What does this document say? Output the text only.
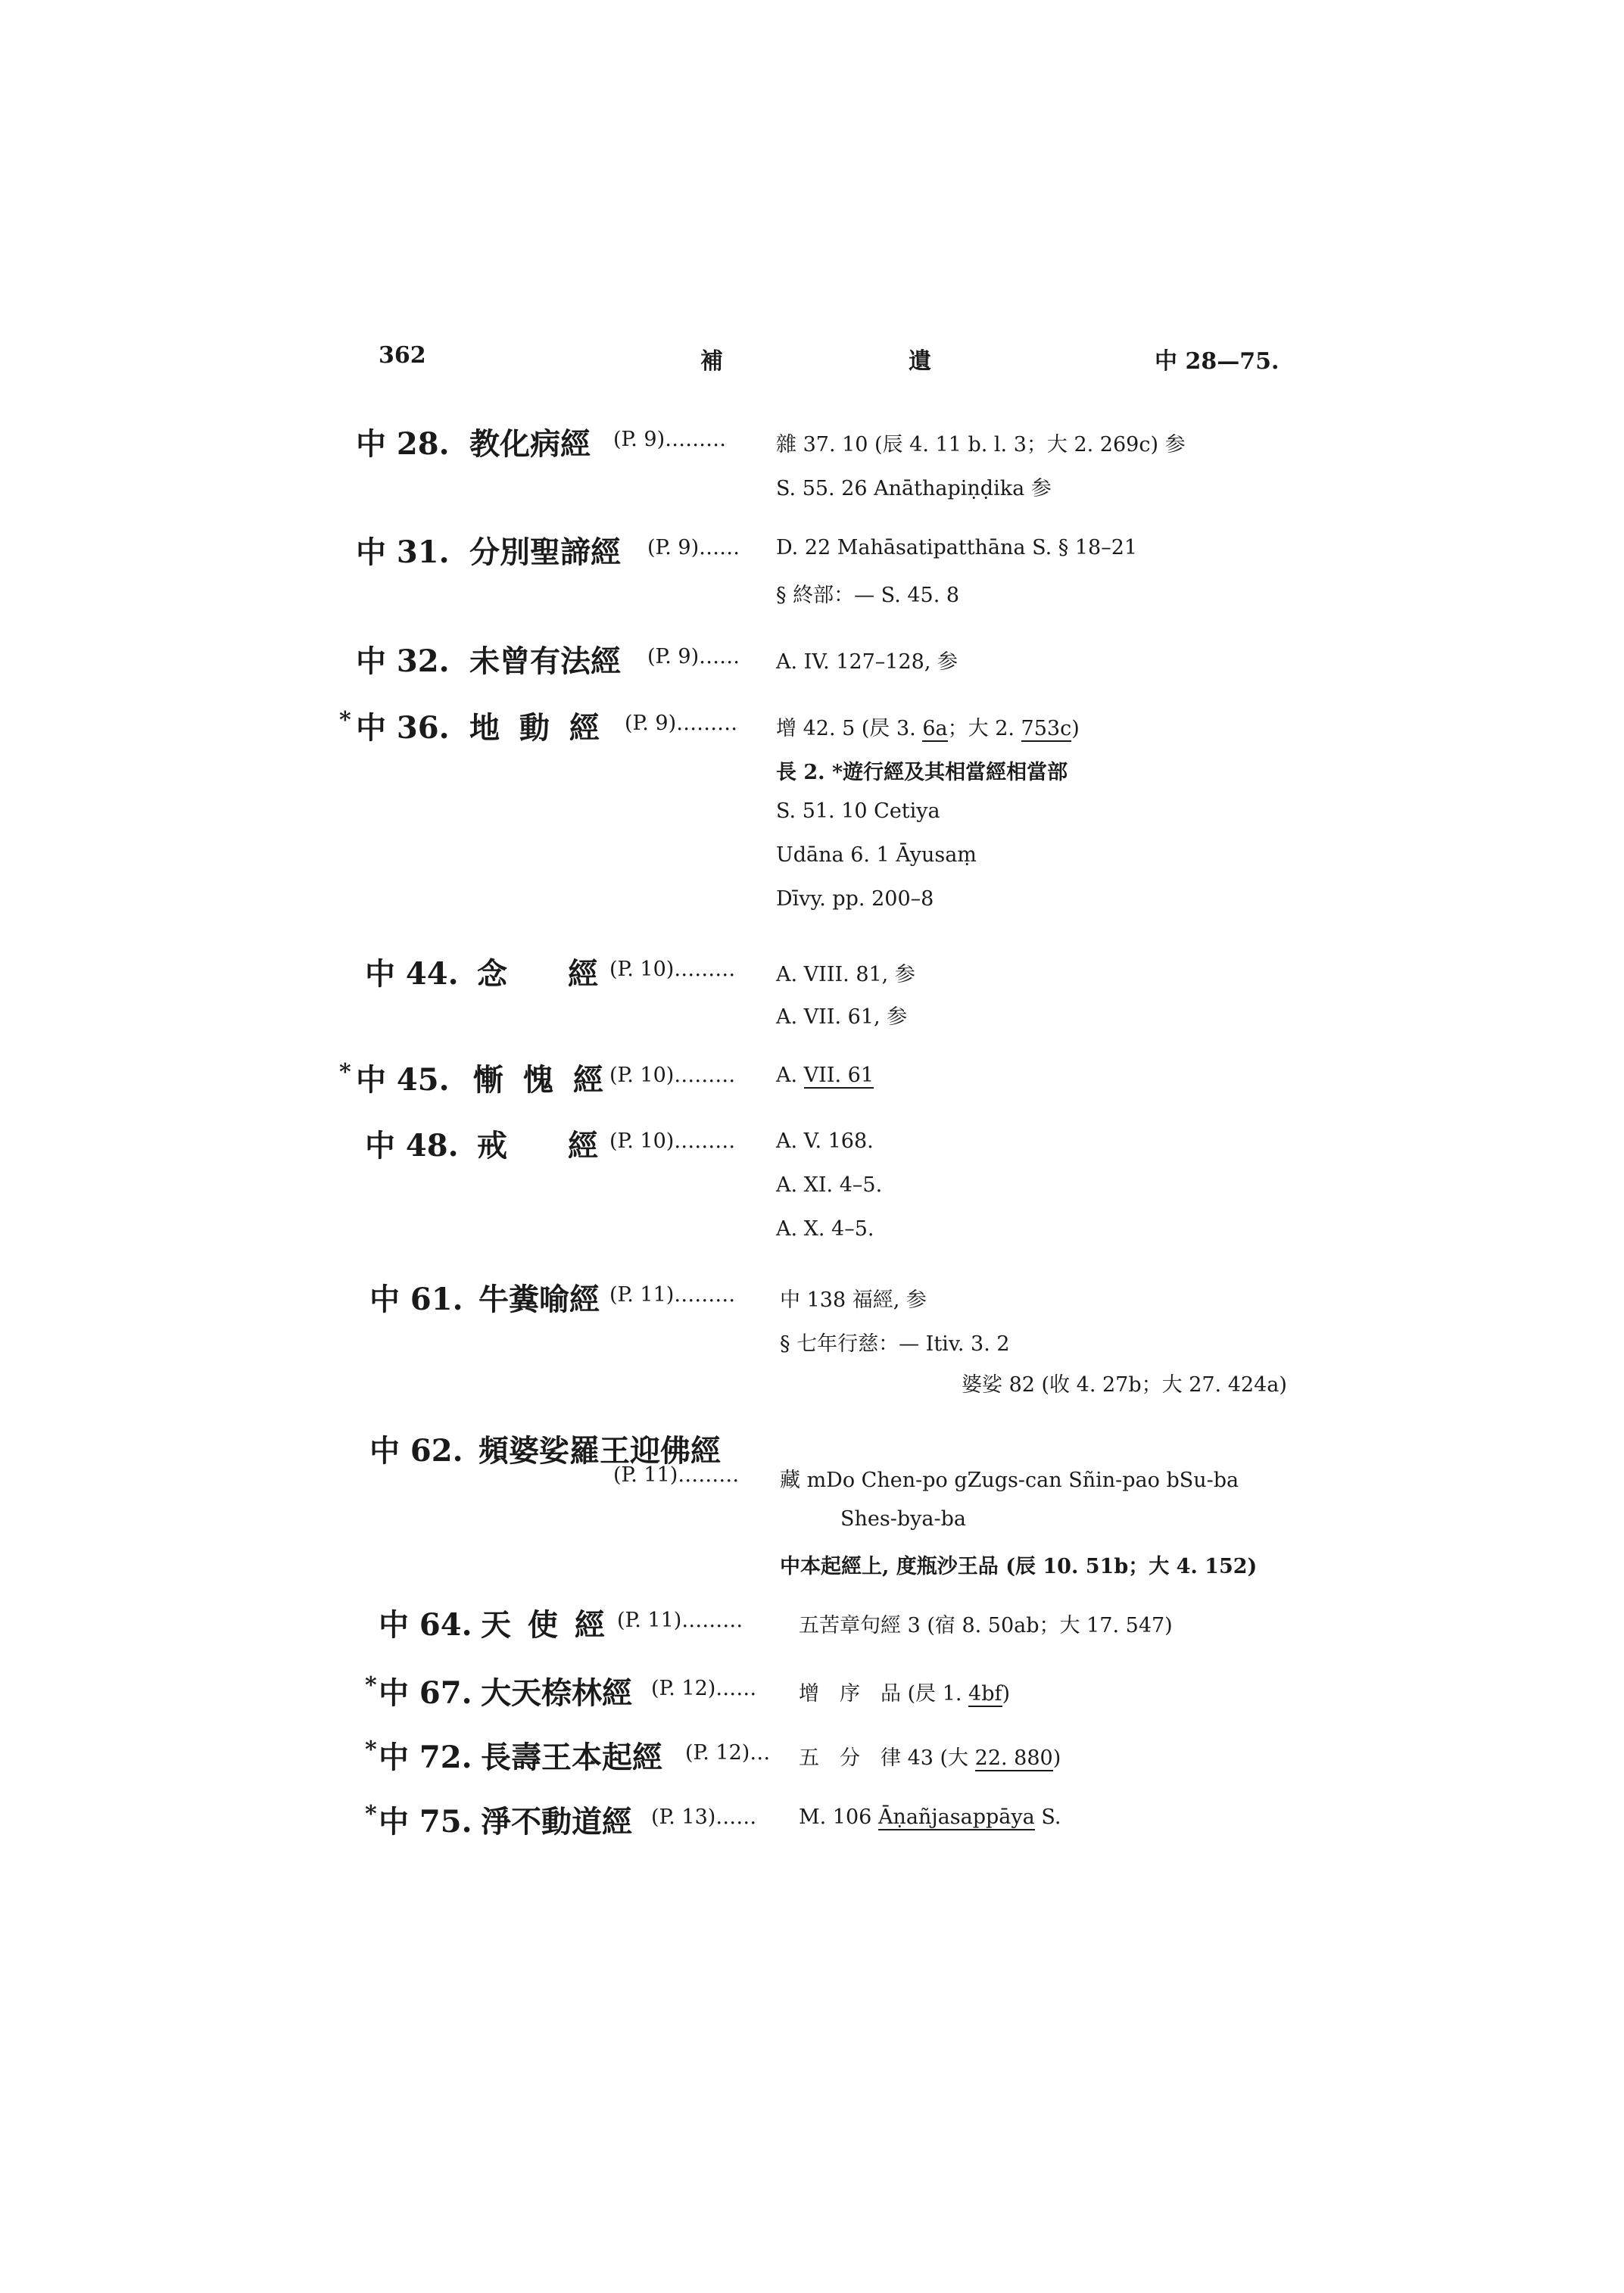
362	補	遺	中 28—75.
中 28. 教化病經 (P. 9)……… 雜 37. 10 (辰 4. 11 b. l. 3；大 2. 269c) 参
S. 55. 26 Anāthapiṇḍika 参
中 31. 分別聖諦經 (P. 9)…… D. 22 Mahāsatipatthāna S. § 18–21
§ 終部：— S. 45. 8
中 32. 未曾有法經 (P. 9)…… A. IV. 127–128, 参
* 中 36. 地 動 經 (P. 9)……… 增 42. 5 (昃 3. 6a；大 2. 753c)
長 2. *遊行經及其相當經相當部
S. 51. 10 Cetiya
Udāna 6. 1 Āyusaṃ
Dīvy. pp. 200–8
中 44. 念　　經 (P. 10)……… A. VIII. 81, 参
A. VII. 61, 参
* 中 45. 慚 愧 經 (P. 10)……… A. VII. 61
中 48. 戒　　經 (P. 10)……… A. V. 168.
A. XI. 4–5.
A. X. 4–5.
中 61. 牛糞喻經 (P. 11)……… 中 138 福經, 参
§ 七年行慈：— Itiv. 3. 2
婆娑 82 (收 4. 27b；大 27. 424a)
中 62. 頻婆娑羅王迎佛經
(P. 11)……… 藏 mDo Chen-po gZugs-can Sñin-pao bSu-ba
Shes-bya-ba
中本起經上, 度瓶沙王品 (辰 10. 51b；大 4. 152)
中 64. 天 使 經 (P. 11)………	五苦章句經 3 (宿 8. 50ab；大 17. 547)
* 中 67. 大天㮈林經 (P. 12)…… 增　序　品 (昃 1. 4bf)
* 中 72. 長壽王本起經 (P. 12)… 五　分　律 43 (大 22. 880)
* 中 75. 淨不動道經 (P. 13)…… M. 106 Āṇañjasappāya S.
